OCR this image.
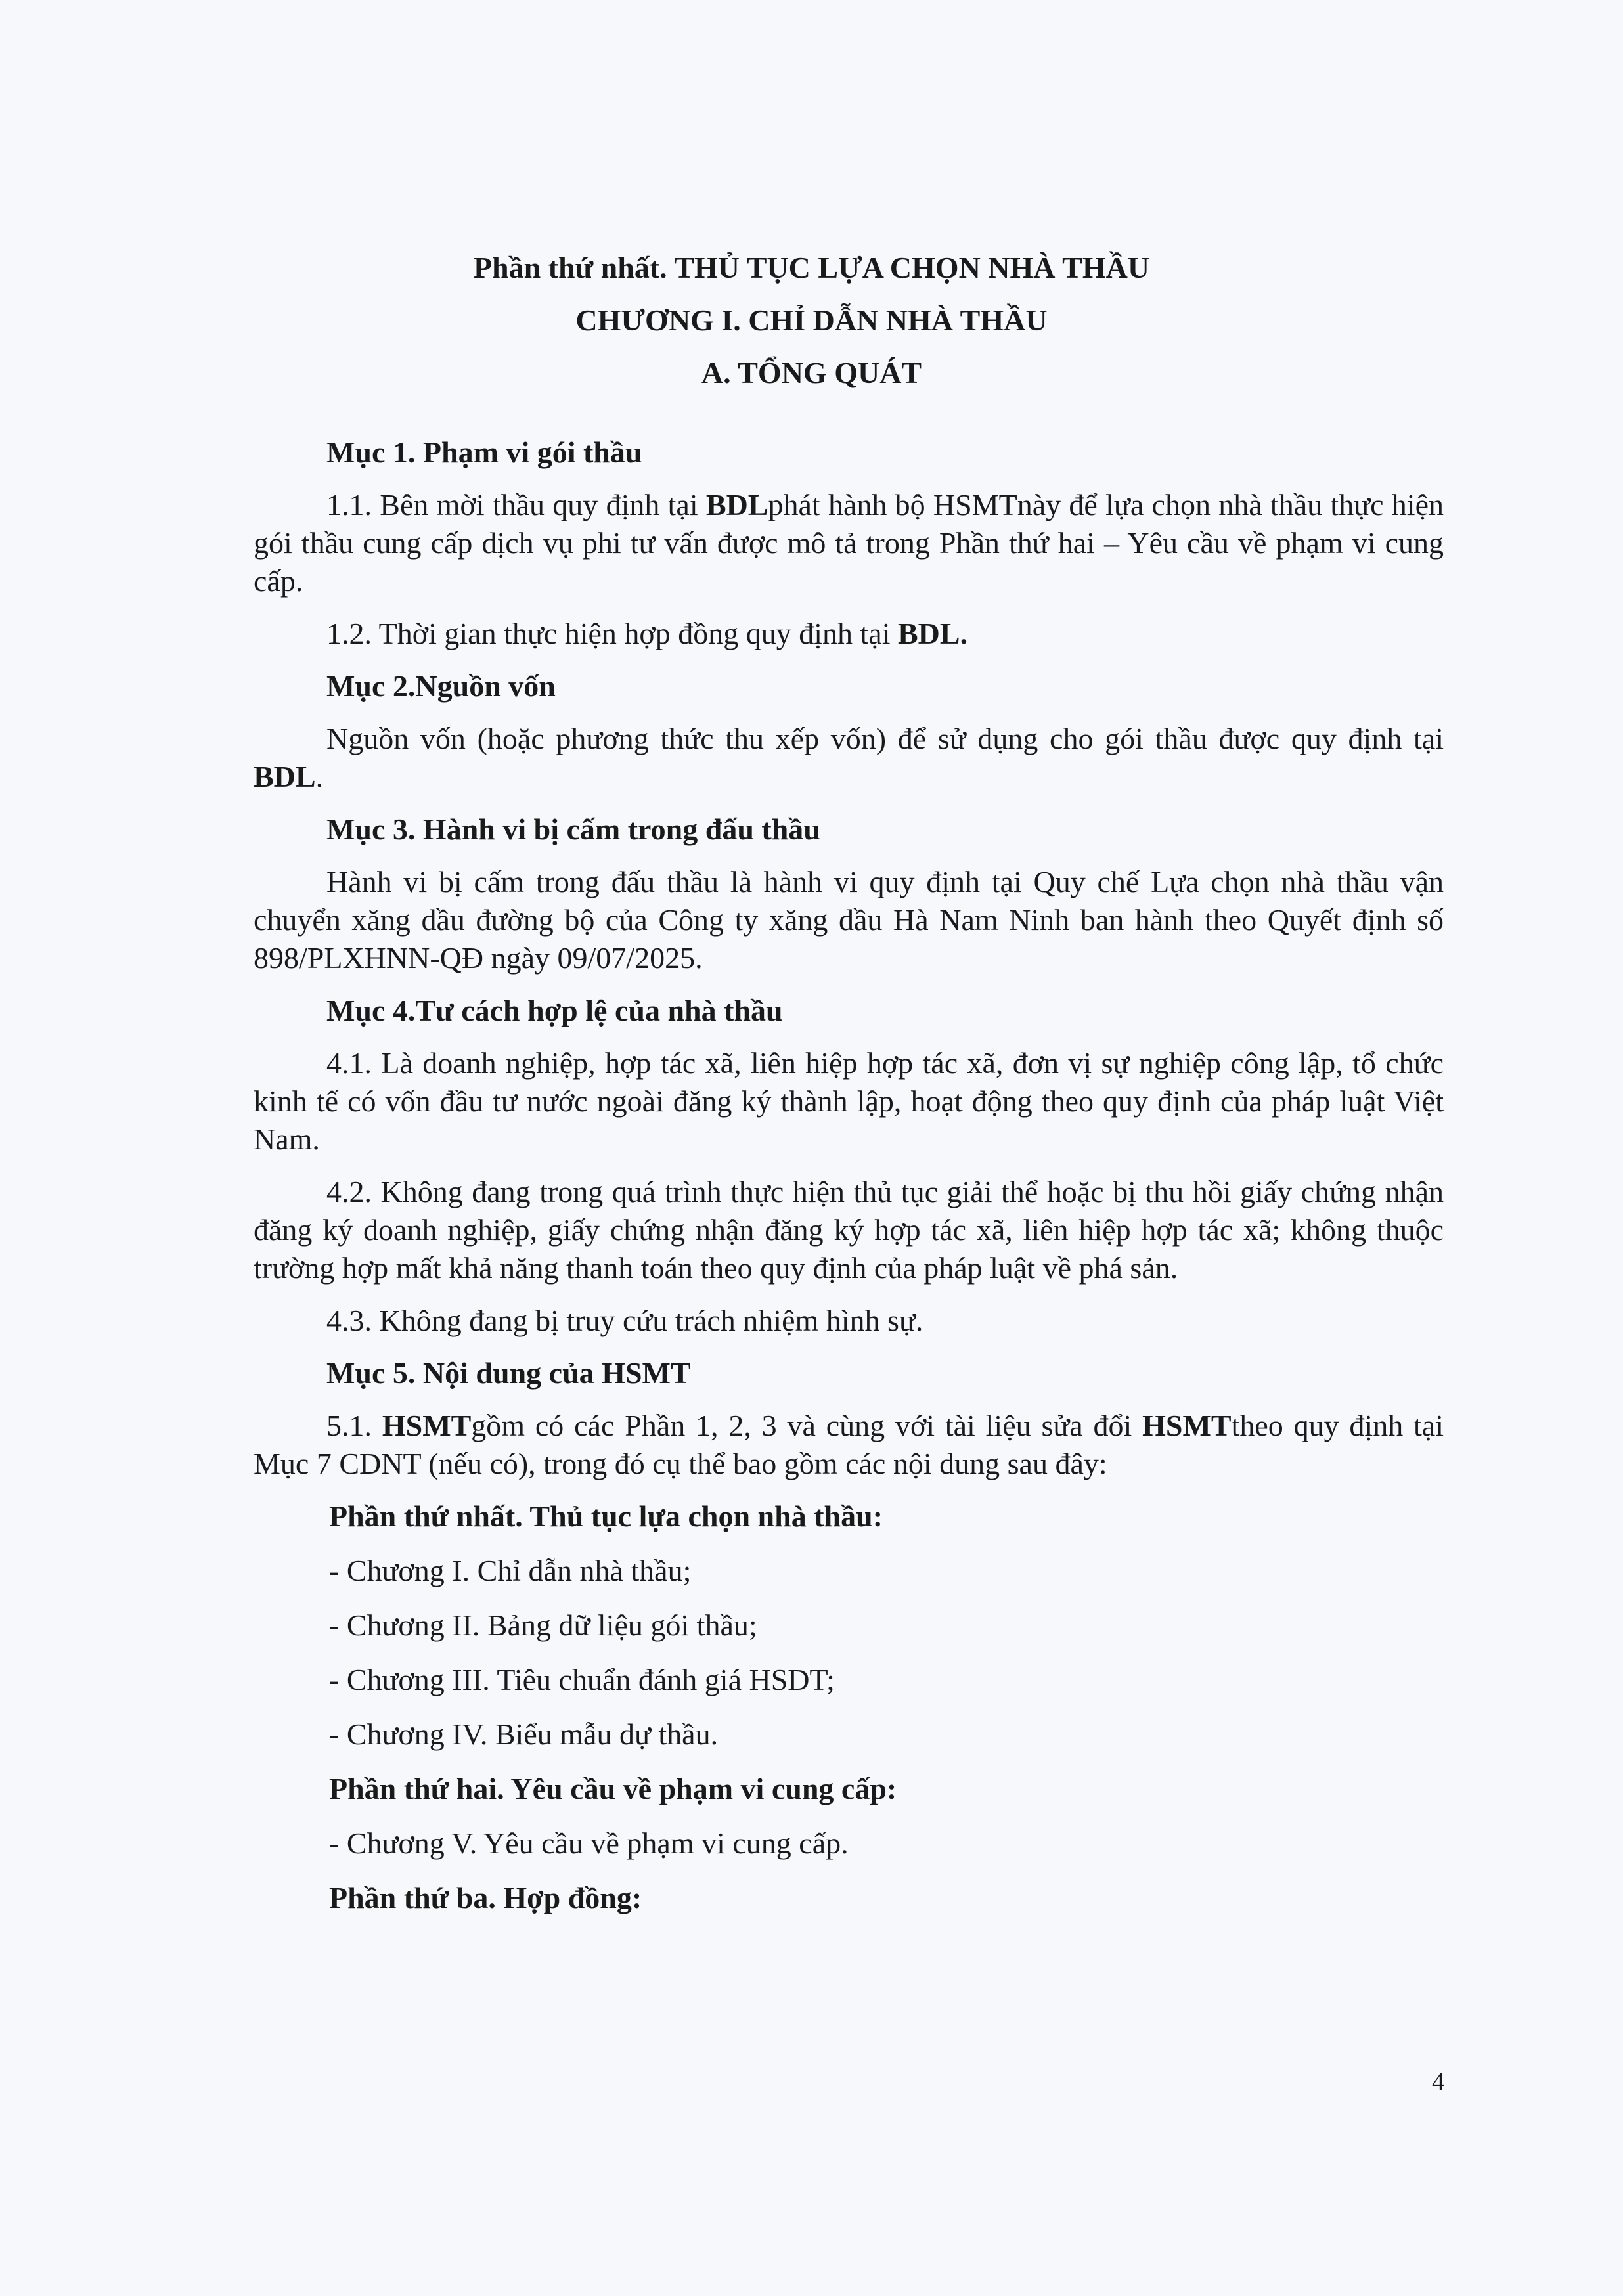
Phần thứ nhất. THỦ TỤC LỰA CHỌN NHÀ THẦU
CHƯƠNG I. CHỈ DẪN NHÀ THẦU
A. TỔNG QUÁT
Mục 1. Phạm vi gói thầu
1.1. Bên mời thầu quy định tại BDLphát hành bộ HSMTnày để lựa chọn nhà thầu thực hiện gói thầu cung cấp dịch vụ phi tư vấn được mô tả trong Phần thứ hai – Yêu cầu về phạm vi cung cấp.
1.2. Thời gian thực hiện hợp đồng quy định tại BDL.
Mục 2.Nguồn vốn
Nguồn vốn (hoặc phương thức thu xếp vốn) để sử dụng cho gói thầu được quy định tại BDL.
Mục 3. Hành vi bị cấm trong đấu thầu
Hành vi bị cấm trong đấu thầu là hành vi quy định tại Quy chế Lựa chọn nhà thầu vận chuyển xăng dầu đường bộ của Công ty xăng dầu Hà Nam Ninh ban hành theo Quyết định số 898/PLXHNN-QĐ ngày 09/07/2025.
Mục 4.Tư cách hợp lệ của nhà thầu
4.1. Là doanh nghiệp, hợp tác xã, liên hiệp hợp tác xã, đơn vị sự nghiệp công lập, tổ chức kinh tế có vốn đầu tư nước ngoài đăng ký thành lập, hoạt động theo quy định của pháp luật Việt Nam.
4.2. Không đang trong quá trình thực hiện thủ tục giải thể hoặc bị thu hồi giấy chứng nhận đăng ký doanh nghiệp, giấy chứng nhận đăng ký hợp tác xã, liên hiệp hợp tác xã; không thuộc trường hợp mất khả năng thanh toán theo quy định của pháp luật về phá sản.
4.3. Không đang bị truy cứu trách nhiệm hình sự.
Mục 5. Nội dung của HSMT
5.1. HSMTgồm có các Phần 1, 2, 3 và cùng với tài liệu sửa đổi HSMTtheo quy định tại Mục 7 CDNT (nếu có), trong đó cụ thể bao gồm các nội dung sau đây:
Phần thứ nhất. Thủ tục lựa chọn nhà thầu:
- Chương I. Chỉ dẫn nhà thầu;
- Chương II. Bảng dữ liệu gói thầu;
- Chương III. Tiêu chuẩn đánh giá HSDT;
- Chương IV. Biểu mẫu dự thầu.
Phần thứ hai. Yêu cầu về phạm vi cung cấp:
- Chương V. Yêu cầu về phạm vi cung cấp.
Phần thứ ba. Hợp đồng:
4
